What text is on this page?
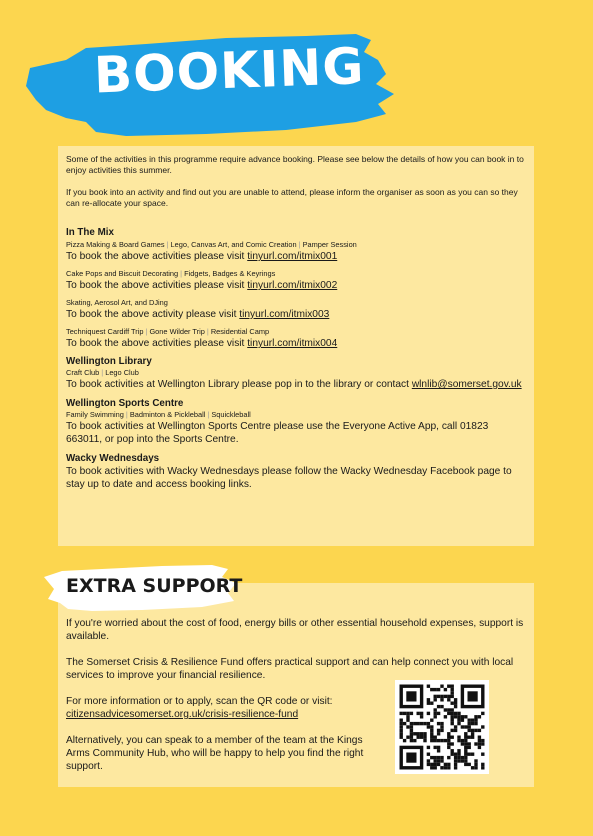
BOOKING

Some of the activities in this programme require advance booking. Please see below the details of how you can book in to enjoy activities this summer.

If you book into an activity and find out you are unable to attend, please inform the organiser as soon as you can so they can re-allocate your space.

In The Mix

Pizza Making & Board Games | Lego, Canvas Art, and Comic Creation | Pamper Session

To book the above activities please visit tinyurl.com/itmix001

Cake Pops and Biscuit Decorating | Fidgets, Badges & Keyrings

To book the above activities please visit tinyurl.com/itmix002

Skating, Aerosol Art, and DJing

To book the above activity please visit tinyurl.com/itmix003

Techniquest Cardiff Trip | Gone Wilder Trip | Residential Camp

To book the above activities please visit tinyurl.com/itmix004

Wellington Library

Craft Club | Lego Club

To book activities at Wellington Library please pop in to the library or contact wlnlib@somerset.gov.uk

Wellington Sports Centre

Family Swimming | Badminton & Pickleball | Squickleball

To book activities at Wellington Sports Centre please use the Everyone Active App, call 01823 663011, or pop into the Sports Centre.

Wacky Wednesdays

To book activities with Wacky Wednesdays please follow the Wacky Wednesday Facebook page to stay up to date and access booking links.

If you're worried about the cost of food, energy bills or other essential household expenses, support is available.

The Somerset Crisis & Resilience Fund offers practical support and can help connect you with local services to improve your financial resilience.

For more information or to apply, scan the QR code or visit:

citizensadvicesomerset.org.uk/crisis-resilience-fund

Alternatively, you can speak to a member of the team at the Kings Arms Community Hub, who will be happy to help you find the right support.

EXTRA SUPPORT
